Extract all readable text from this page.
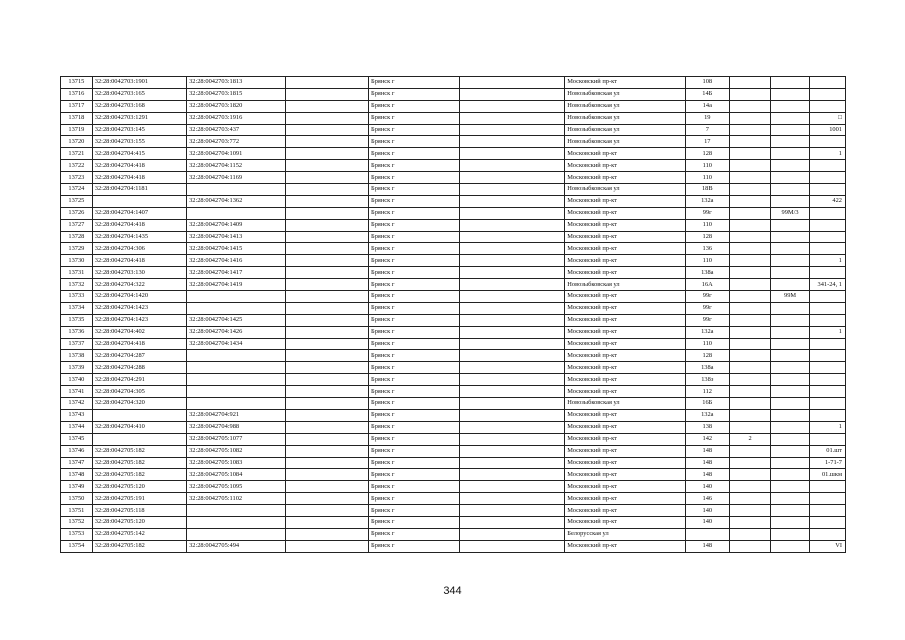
13715	32:28:0042703:1901	32:28:0042703:1813		Брянск г		Московский пр-кт	108			
13716	32:28:0042703:165	32:28:0042703:1815		Брянск г		Новозыбковская ул	14Б			
13717	32:28:0042703:168	32:28:0042703:1820		Брянск г		Новозыбковская ул	14а			
13718	32:28:0042703:1291	32:28:0042703:1916		Брянск г		Новозыбковская ул	19			□
13719	32:28:0042703:145	32:28:0042703:437		Брянск г		Новозыбковская ул	7			1001
13720	32:28:0042703:155	32:28:0042703:772		Брянск г		Новозыбковская ул	17			
13721	32:28:0042704:415	32:28:0042704:1091		Брянск г		Московский пр-кт	128			1
13722	32:28:0042704:418	32:28:0042704:1152		Брянск г		Московский пр-кт	110			
13723	32:28:0042704:418	32:28:0042704:1169		Брянск г		Московский пр-кт	110			
13724	32:28:0042704:1181			Брянск г		Новозыбковская ул	18В			
13725		32:28:0042704:1362		Брянск г		Московский пр-кт	132а			422
13726	32:28:0042704:1407			Брянск г		Московский пр-кт	99г		99М/3	
13727	32:28:0042704:418	32:28:0042704:1409		Брянск г		Московский пр-кт	110			
13728	32:28:0042704:1435	32:28:0042704:1413		Брянск г		Московский пр-кт	128			
13729	32:28:0042704:306	32:28:0042704:1415		Брянск г		Московский пр-кт	136			
13730	32:28:0042704:418	32:28:0042704:1416		Брянск г		Московский пр-кт	110			1
13731	32:28:0042703:130	32:28:0042704:1417		Брянск г		Московский пр-кт	138а			
13732	32:28:0042704:322	32:28:0042704:1419		Брянск г		Новозыбковская ул	16А			341-24, 1
13733	32:28:0042704:1420			Брянск г		Московский пр-кт	99г		99М	
13734	32:28:0042704:1423			Брянск г		Московский пр-кт	99г			
13735	32:28:0042704:1423	32:28:0042704:1425		Брянск г		Московский пр-кт	99г			
13736	32:28:0042704:402	32:28:0042704:1426		Брянск г		Московский пр-кт	132а			1
13737	32:28:0042704:418	32:28:0042704:1434		Брянск г		Московский пр-кт	110			
13738	32:28:0042704:287			Брянск г		Московский пр-кт	128			
13739	32:28:0042704:288			Брянск г		Московский пр-кт	138а			
13740	32:28:0042704:291			Брянск г		Московский пр-кт	138з			
13741	32:28:0042704:305			Брянск г		Московский пр-кт	112			
13742	32:28:0042704:320			Брянск г		Новозыбковская ул	16Б			
13743		32:28:0042704:921		Брянск г		Московский пр-кт	132а			
13744	32:28:0042704:410	32:28:0042704:988		Брянск г		Московский пр-кт	138			1
13745		32:28:0042705:1077		Брянск г		Московский пр-кт	142	2		
13746	32:28:0042705:182	32:28:0042705:1082		Брянск г		Московский пр-кт	148			01.шт
13747	32:28:0042705:182	32:28:0042705:1083		Брянск г		Московский пр-кт	148			1-71-7
13748	32:28:0042705:182	32:28:0042705:1084		Брянск г		Московский пр-кт	148			01.шкм
13749	32:28:0042705:120	32:28:0042705:1095		Брянск г		Московский пр-кт	140			
13750	32:28:0042705:191	32:28:0042705:1102		Брянск г		Московский пр-кт	146			
13751	32:28:0042705:118			Брянск г		Московский пр-кт	140			
13752	32:28:0042705:120			Брянск г		Московский пр-кт	140			
13753	32:28:0042705:142			Брянск г		Белорусская ул				
13754	32:28:0042705:182	32:28:0042705:494		Брянск г		Московский пр-кт	148			VI
344
